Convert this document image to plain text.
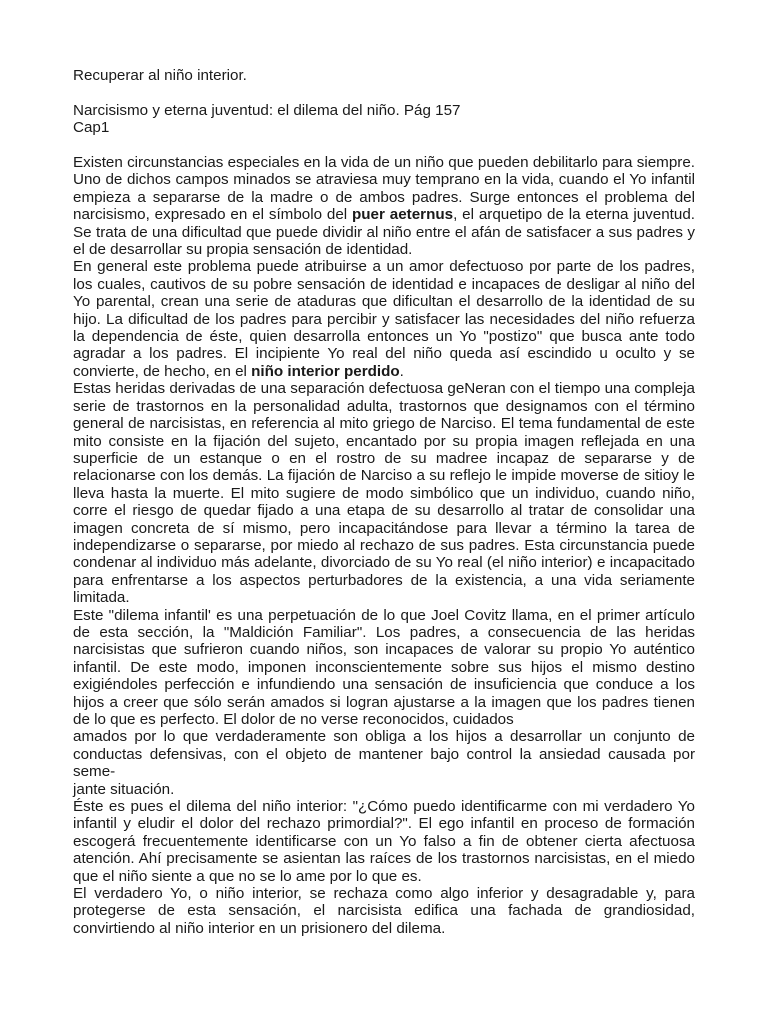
Recuperar al niño interior.
Narcisismo y eterna juventud: el dilema del niño. Pág 157
Cap1

Existen circunstancias especiales en la vida de un niño que pueden debilitarlo para siempre. Uno de dichos campos minados se atraviesa muy temprano en la vida, cuando el Yo infantil empieza a separarse de la madre o de ambos padres. Surge entonces el problema del narcisismo, expresado en el símbolo del puer aeternus, el arquetipo de la eterna juventud. Se trata de una dificultad que puede dividir al niño entre el afán de satisfacer a sus padres y el de desarrollar su propia sensación de identidad.

En general este problema puede atribuirse a un amor defectuoso por parte de los padres, los cuales, cautivos de su pobre sensación de identidad e incapaces de desligar al niño del Yo parental, crean una serie de ataduras que dificultan el desarrollo de la identidad de su hijo. La dificultad de los padres para percibir y satisfacer las necesidades del niño refuerza la dependencia de éste, quien desarrolla entonces un Yo "postizo" que busca ante todo agradar a los padres. El incipiente Yo real del niño queda así escindido u oculto y se convierte, de hecho, en el niño interior perdido.

Estas heridas derivadas de una separación defectuosa geNeran con el tiempo una compleja serie de trastornos en la personalidad adulta, trastornos que designamos con el término general de narcisistas, en referencia al mito griego de Narciso. El tema fundamental de este mito consiste en la fijación del sujeto, encantado por su propia imagen reflejada en una superficie de un estanque o en el rostro de su madree incapaz de separarse y de relacionarse con los demás. La fijación de Narciso a su reflejo le impide moverse de sitioy le lleva hasta la muerte. El mito sugiere de modo simbólico que un individuo, cuando niño, corre el riesgo de quedar fijado a una etapa de su desarrollo al tratar de consolidar una imagen concreta de sí mismo, pero incapacitándose para llevar a término la tarea de independizarse o separarse, por miedo al rechazo de sus padres. Esta circunstancia puede condenar al individuo más adelante, divorciado de su Yo real (el niño interior) e incapacitado para enfrentarse a los aspectos perturbadores de la existencia, a una vida seriamente limitada.

Este "dilema infantil' es una perpetuación de lo que Joel Covitz llama, en el primer artículo de esta sección, la "Maldición Familiar". Los padres, a consecuencia de las heridas narcisistas que sufrieron cuando niños, son incapaces de valorar su propio Yo auténtico infantil. De este modo, imponen inconscientemente sobre sus hijos el mismo destino exigiéndoles perfección e infundiendo una sensación de insuficiencia que conduce a los hijos a creer que sólo serán amados si logran ajustarse a la imagen que los padres tienen de lo que es perfecto. El dolor de no verse reconocidos, cuidados

amados por lo que verdaderamente son obliga a los hijos a desarrollar un conjunto de conductas defensivas, con el objeto de mantener bajo control la ansiedad causada por seme-

jante situación.

Éste es pues el dilema del niño interior: "¿Cómo puedo identificarme con mi verdadero Yo infantil y eludir el dolor del rechazo primordial?". El ego infantil en proceso de formación escogerá frecuentemente identificarse con un Yo falso a fin de obtener cierta afectuosa atención. Ahí precisamente se asientan las raíces de los trastornos narcisistas, en el miedo que el niño siente a que no se lo ame por lo que es.

El verdadero Yo, o niño interior, se rechaza como algo inferior y desagradable y, para protegerse de esta sensación, el narcisista edifica una fachada de grandiosidad, convirtiendo al niño interior en un prisionero del dilema.
